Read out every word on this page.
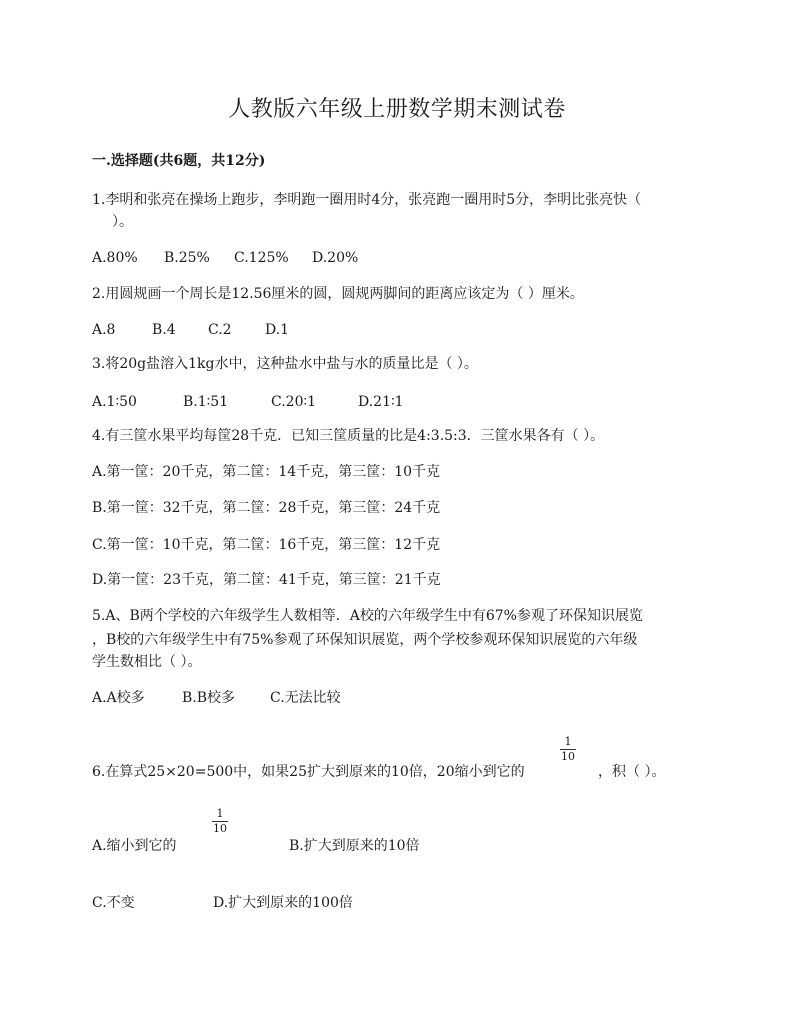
人教版六年级上册数学期末测试卷
一.选择题(共6题，共12分)
1.李明和张亮在操场上跑步，李明跑一圈用时4分，张亮跑一圈用时5分，李明比张亮快（
）。
A.80% B.25% C.125% D.20%
2.用圆规画一个周长是12.56厘米的圆，圆规两脚间的距离应该定为（ ）厘米。
A.8	B.4 C.2 D.1
3.将20g盐溶入1kg水中，这种盐水中盐与水的质量比是（ ）。
A.1∶50	B.1∶51	C.20∶1	D.21∶1
4.有三筐水果平均每筐28千克．已知三筐质量的比是4:3.5:3．三筐水果各有（ ）。
A.第一筐：20千克，第二筐：14千克，第三筐：10千克
B.第一筐：32千克，第二筐：28千克，第三筐：24千克
C.第一筐：10千克，第二筐：16千克，第三筐：12千克
D.第一筐：23千克，第二筐：41千克，第三筐：21千克
5.A、B两个学校的六年级学生人数相等．A校的六年级学生中有67%参观了环保知识展览
，B校的六年级学生中有75%参观了环保知识展览，两个学校参观环保知识展览的六年级
学生数相比（ ）。
A.A校多	B.B校多 C.无法比较
6.在算式25×20=500中，如果25扩大到原来的10倍，20缩小到它的
1
10
，积（ ）。
A.缩小到它的
1
10
B.扩大到原来的10倍
C.不变	D.扩大到原来的100倍
